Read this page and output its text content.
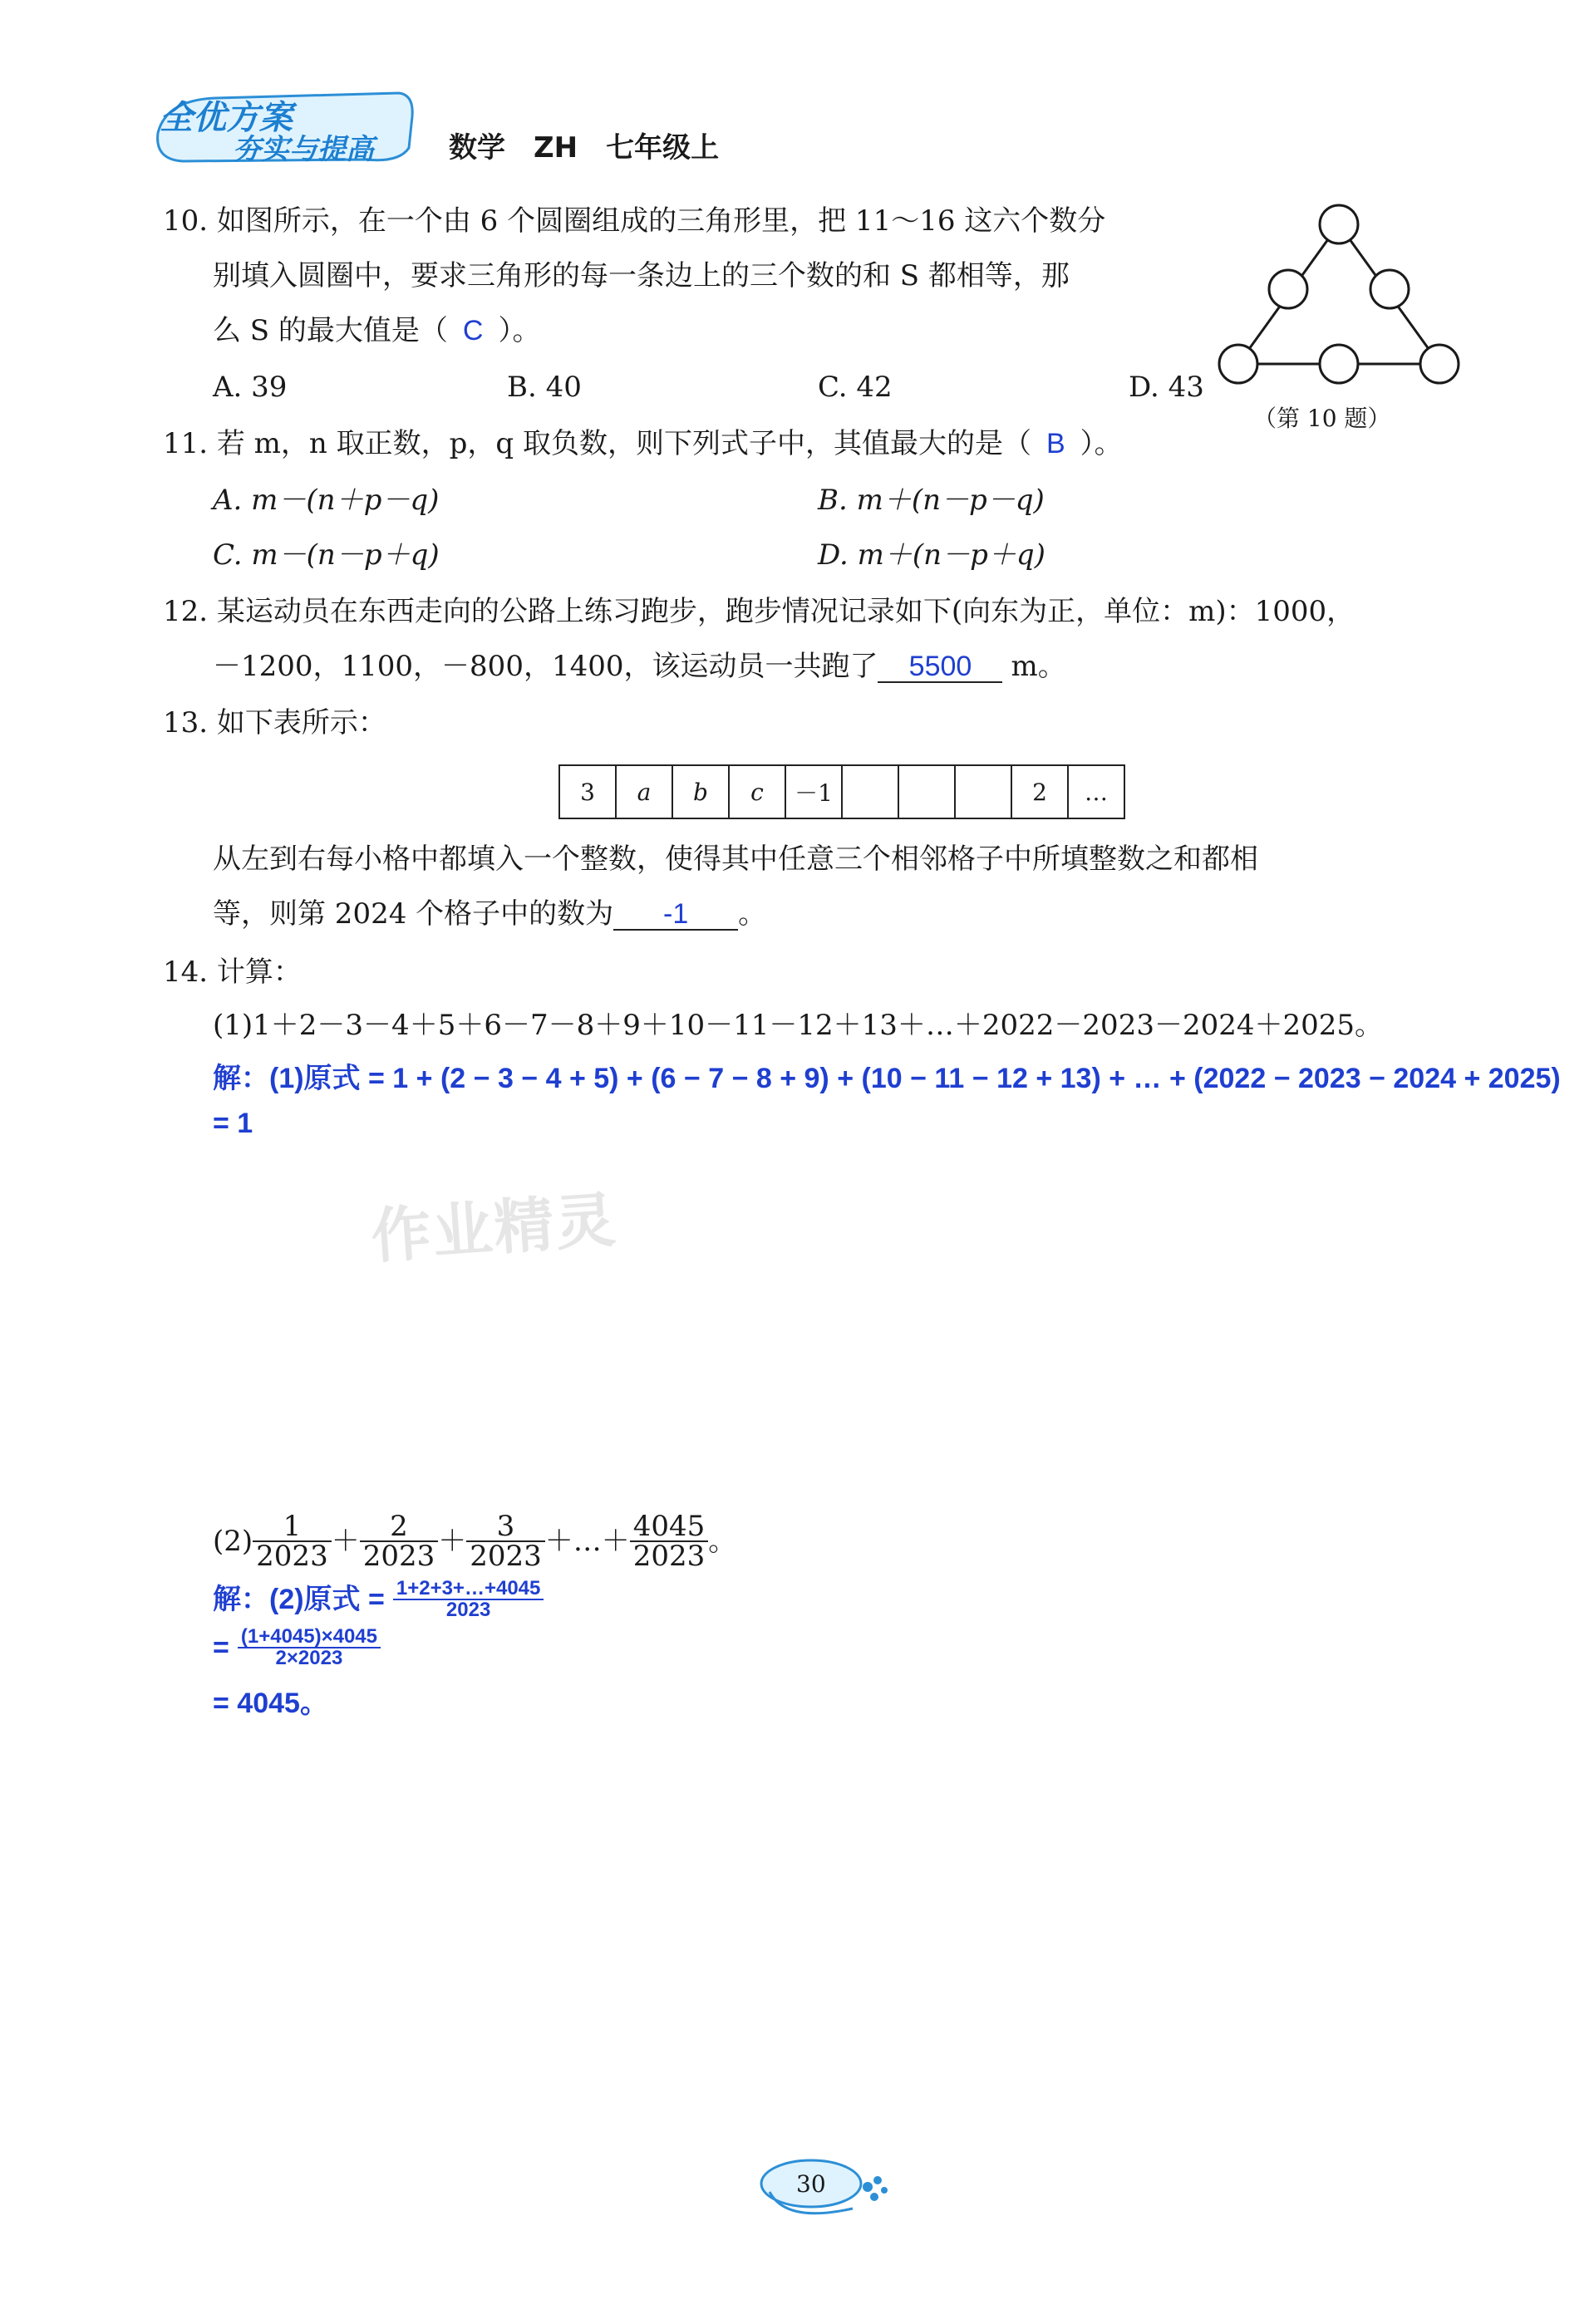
全优方案
夯实与提高	数学　ZH　七年级上
10. 如图所示，在一个由 6 个圆圈组成的三角形里，把 11～16 这六个数分
别填入圆圈中，要求三角形的每一条边上的三个数的和 S 都相等，那
么 S 的最大值是（ C ）。
A. 39	B. 40	C. 42	D. 43
（第 10 题）
11. 若 m，n 取正数，p，q 取负数，则下列式子中，其值最大的是（ B ）。
A. m－(n＋p－q)	B. m＋(n－p－q)
C. m－(n－p＋q)	D. m＋(n－p＋q)
12. 某运动员在东西走向的公路上练习跑步，跑步情况记录如下(向东为正，单位：m)：1000，
－1200，1100，－800，1400，该运动员一共跑了 5500 m。
13. 如下表所示：
3	a	b	c	－1				2	…
从左到右每小格中都填入一个整数，使得其中任意三个相邻格子中所填整数之和都相
等，则第 2024 个格子中的数为 -1 。
14. 计算：
(1)1＋2－3－4＋5＋6－7－8＋9＋10－11－12＋13＋…＋2022－2023－2024＋2025。
解：(1)原式 = 1 + (2 − 3 − 4 + 5) + (6 − 7 − 8 + 9) + (10 − 11 − 12 + 13) + … + (2022 − 2023 − 2024 + 2025)
= 1
作业精灵
$(2) \frac{1}{2023} + \frac{2}{2023} + \frac{3}{2023}$ ＋…＋ $\frac{4045}{2023}$ 。
解：(2)原式 = $\frac{1+2+3+\dots+4045}{2023}$
= $\frac{(1+4045)\times 4045}{2\times 2023}$
= 4045。
30
